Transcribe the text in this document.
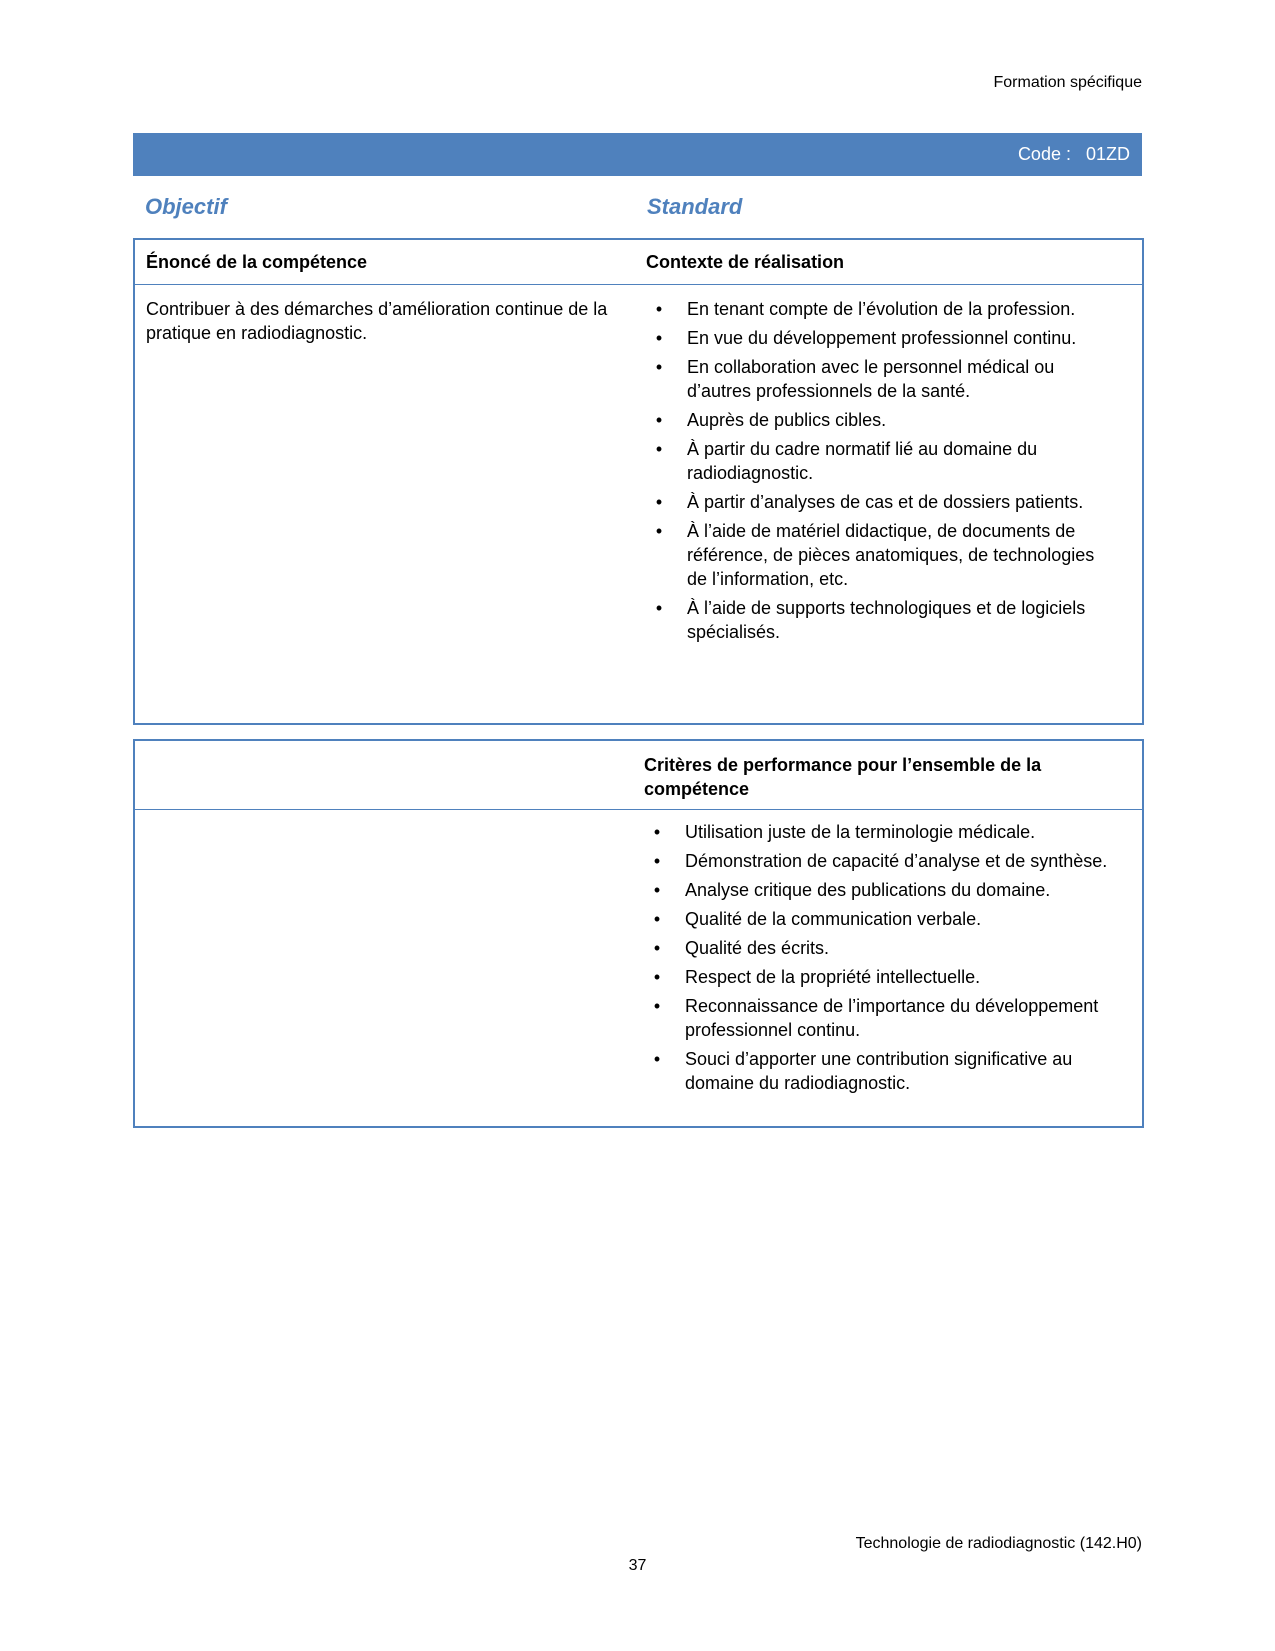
Formation spécifique
Code :   01ZD
Objectif	Standard
Énoncé de la compétence	Contexte de réalisation
Contribuer à des démarches d’amélioration continue de la pratique en radiodiagnostic.
• En tenant compte de l’évolution de la profession.
• En vue du développement professionnel continu.
• En collaboration avec le personnel médical ou d’autres professionnels de la santé.
• Auprès de publics cibles.
• À partir du cadre normatif lié au domaine du radiodiagnostic.
• À partir d’analyses de cas et de dossiers patients.
• À l’aide de matériel didactique, de documents de référence, de pièces anatomiques, de technologies de l’information, etc.
• À l’aide de supports technologiques et de logiciels spécialisés.
Critères de performance pour l’ensemble de la compétence
• Utilisation juste de la terminologie médicale.
• Démonstration de capacité d’analyse et de synthèse.
• Analyse critique des publications du domaine.
• Qualité de la communication verbale.
• Qualité des écrits.
• Respect de la propriété intellectuelle.
• Reconnaissance de l’importance du développement professionnel continu.
• Souci d’apporter une contribution significative au domaine du radiodiagnostic.
Technologie de radiodiagnostic (142.H0)
37
